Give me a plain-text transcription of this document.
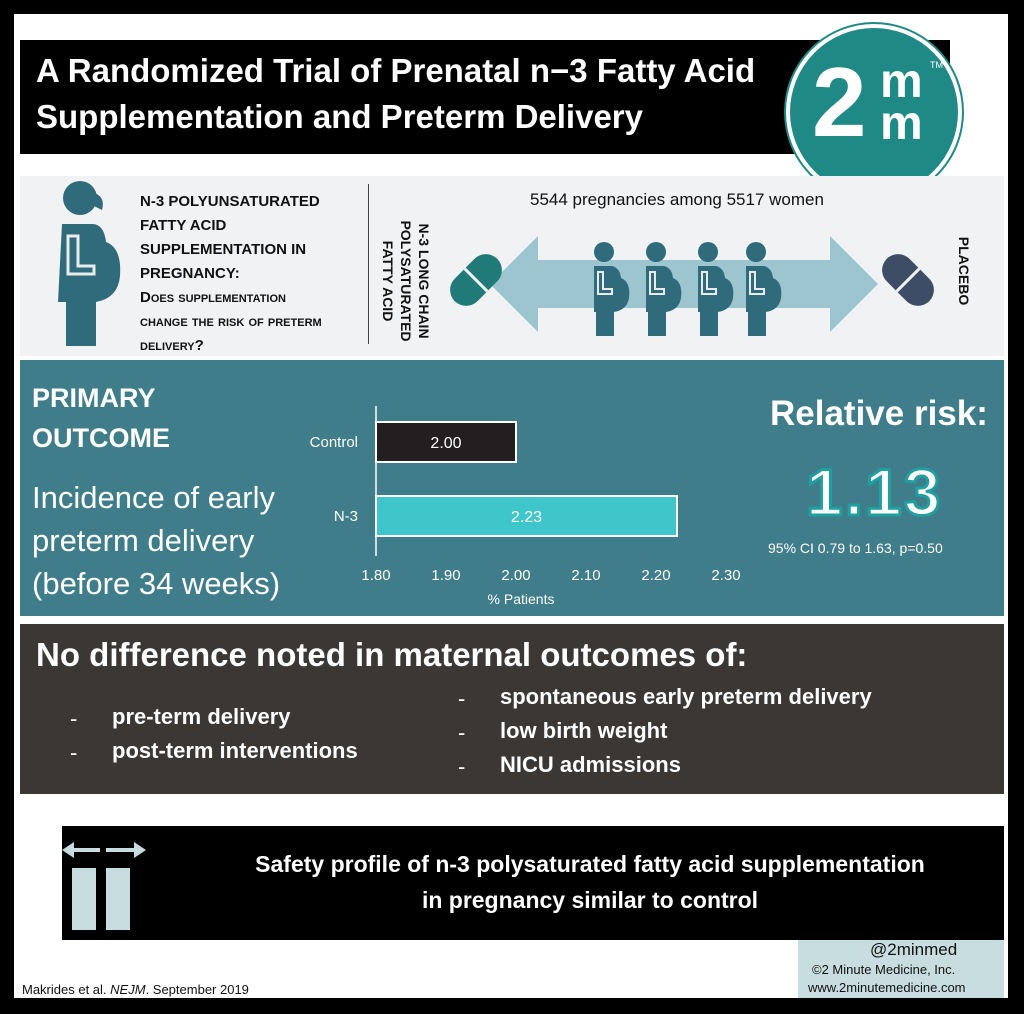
A Randomized Trial of Prenatal n−3 Fatty Acid
Supplementation and Preterm Delivery	2 m
m
TM
N-3 POLYUNSATURATED
FATTY ACID
SUPPLEMENTATION IN
PREGNANCY:
Does supplementation
change the risk of preterm
delivery?
N-3 LONG CHAIN
POLYSATURATED
FATTY ACID
5544 pregnancies among 5517 women
PLACEBO
PRIMARY
OUTCOME
Incidence of early
preterm delivery
(before 34 weeks)
Control	2.00
N-3	2.23
1.80	1.90	2.00	2.10	2.20	2.30
% Patients
Relative risk:
1.13
95% CI 0.79 to 1.63, p=0.50
No difference noted in maternal outcomes of:
- pre-term delivery
- post-term interventions
- spontaneous early preterm delivery
- low birth weight
- NICU admissions
Safety profile of n-3 polysaturated fatty acid supplementation
in pregnancy similar to control
@2minmed
©2 Minute Medicine, Inc.
www.2minutemedicine.com
Makrides et al. NEJM. September 2019
